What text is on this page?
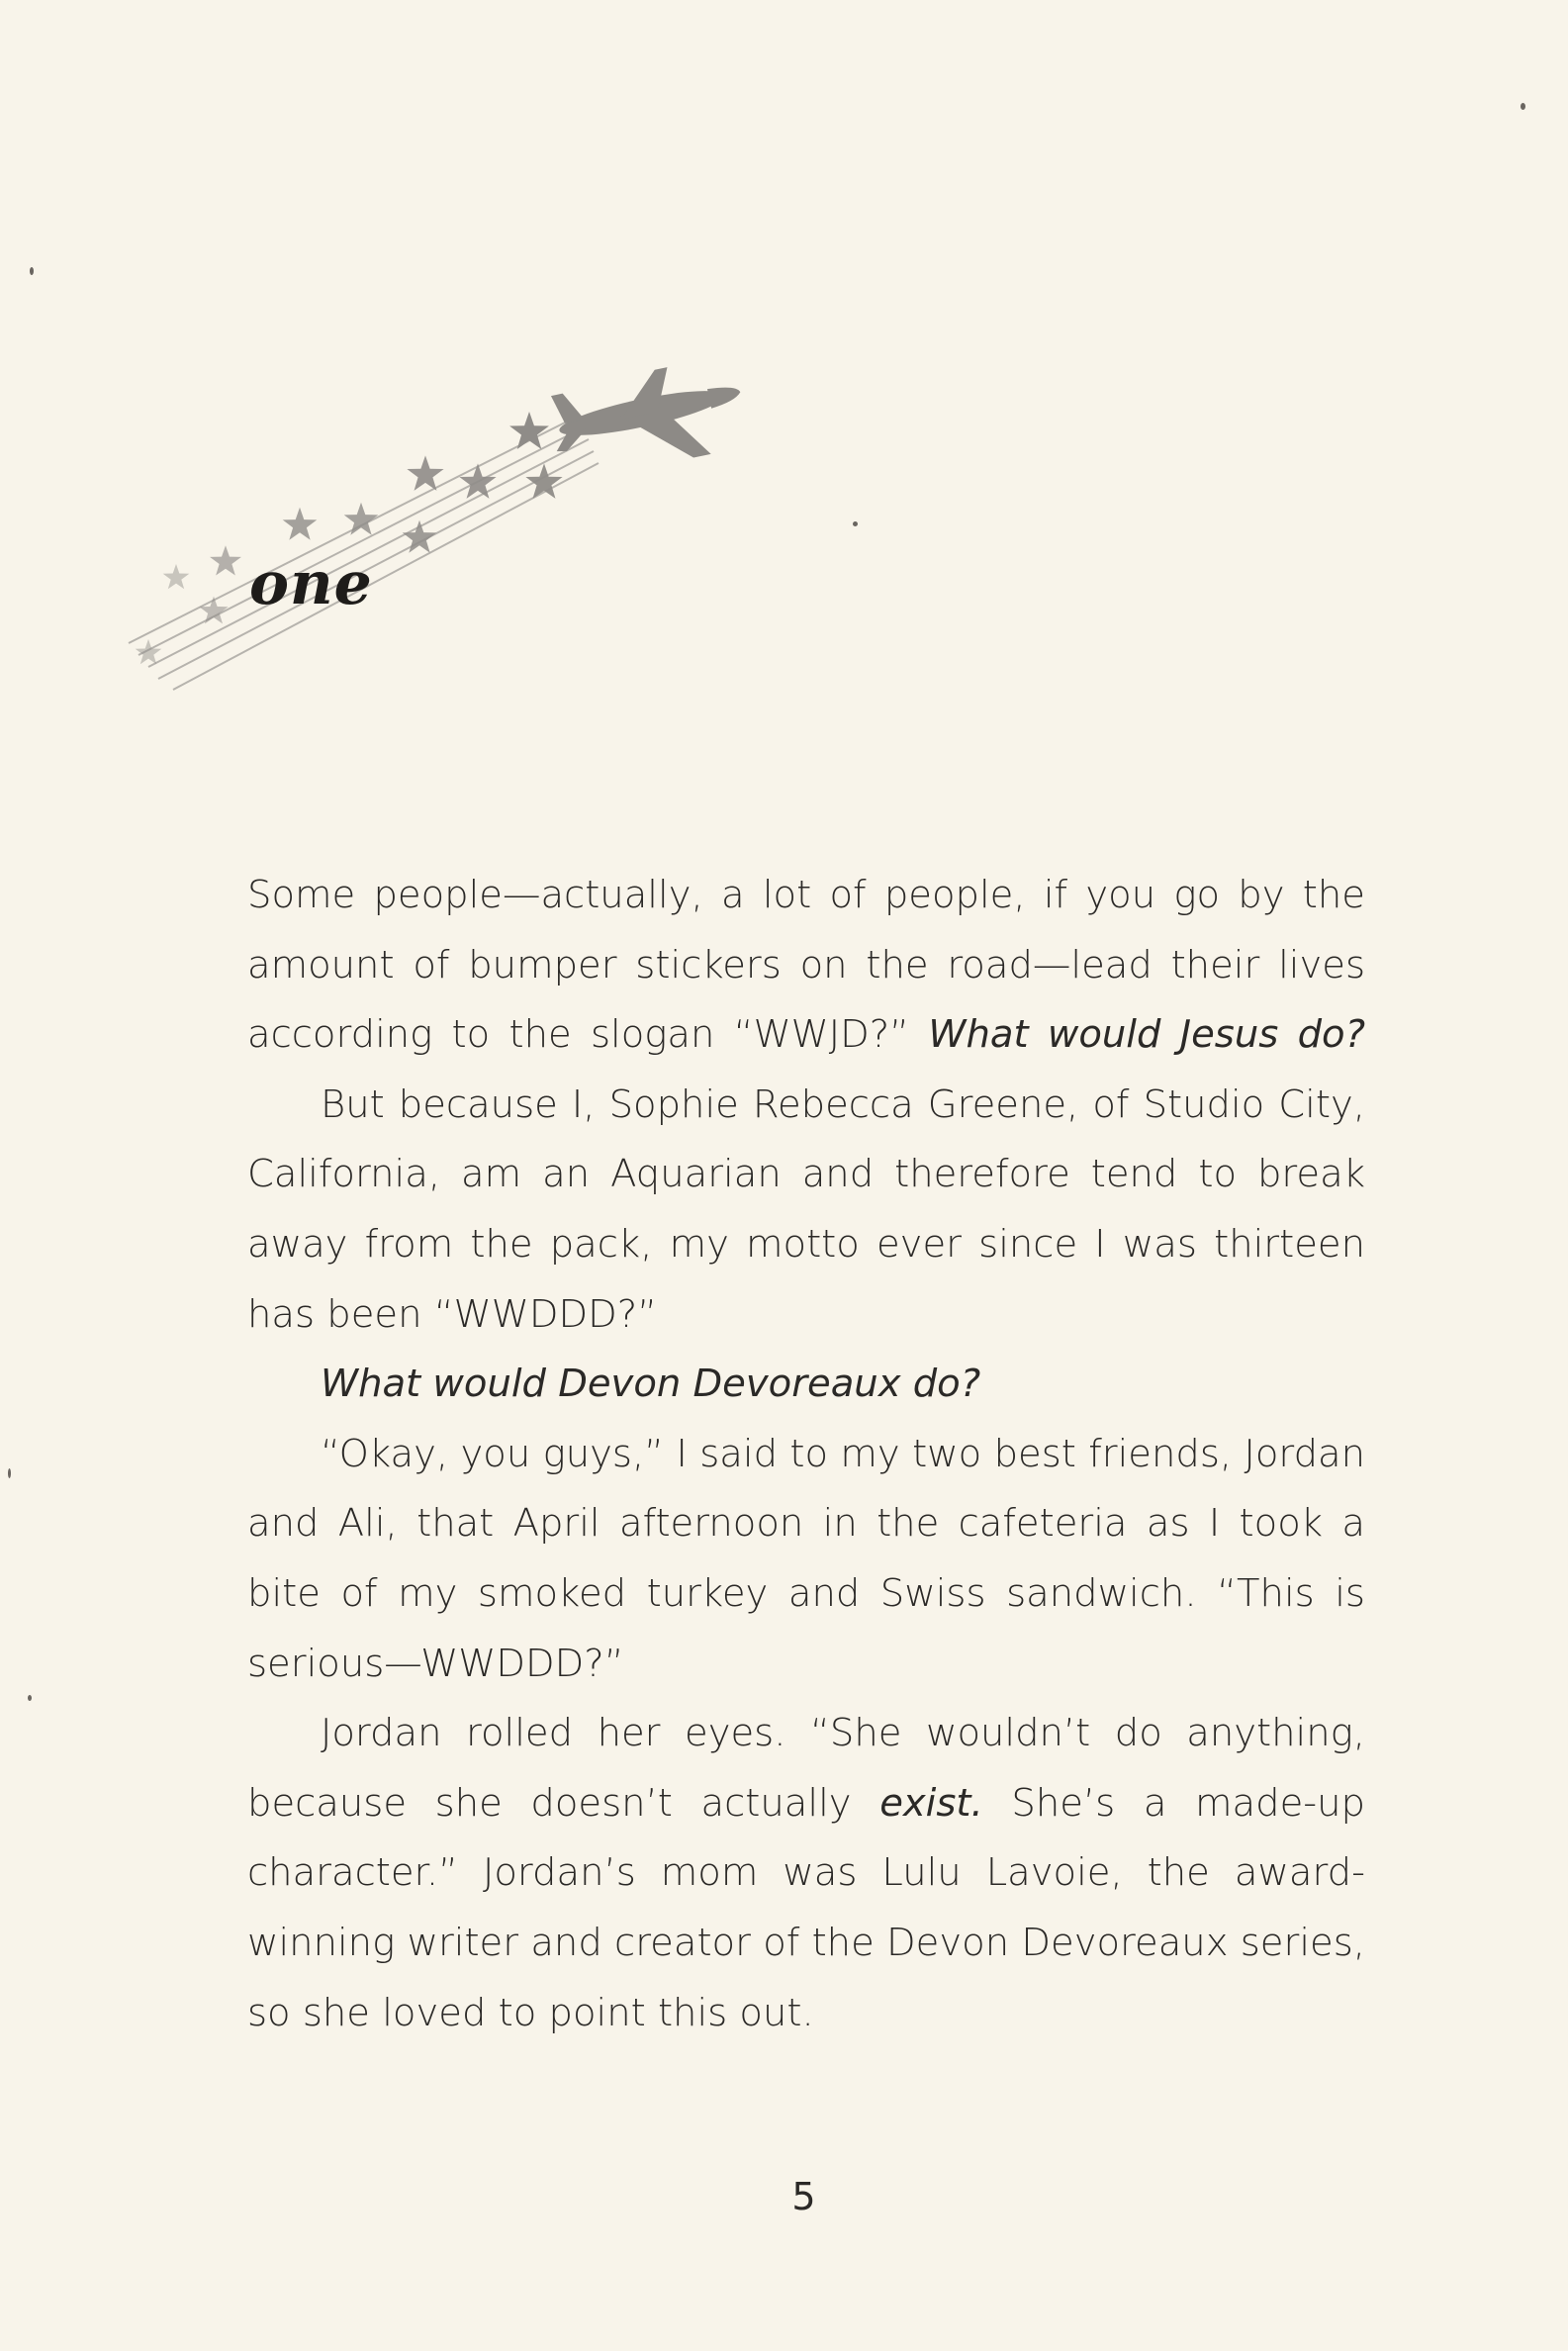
one

Some people—actually, a lot of people, if you go by the amount of bumper stickers on the road—lead their lives according to the slogan “WWJD?” What would Jesus do?

But because I, Sophie Rebecca Greene, of Studio City, California, am an Aquarian and therefore tend to break away from the pack, my motto ever since I was thirteen has been “WWDDD?”

What would Devon Devoreaux do?

“Okay, you guys,” I said to my two best friends, Jordan and Ali, that April afternoon in the cafeteria as I took a bite of my smoked turkey and Swiss sandwich. “This is serious—WWDDD?”

Jordan rolled her eyes. “She wouldn’t do anything, because she doesn’t actually exist. She’s a made-up character.” Jordan’s mom was Lulu Lavoie, the award-winning writer and creator of the Devon Devoreaux series, so she loved to point this out.

5
